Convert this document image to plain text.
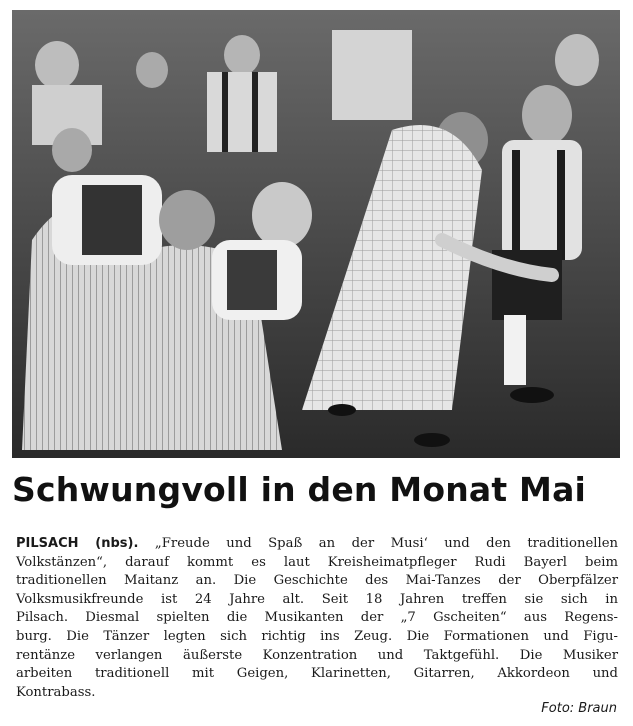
Schwungvoll in den Monat Mai
PILSACH (nbs). „Freude und Spaß an der Musi‘ und den traditionellen
Volkstänzen“, darauf kommt es laut Kreisheimatpfleger Rudi Bayerl beim
traditionellen Maitanz an. Die Geschichte des Mai-Tanzes der Oberpfälzer
Volksmusikfreunde ist 24 Jahre alt. Seit 18 Jahren treffen sie sich in
Pilsach. Diesmal spielten die Musikanten der „7 Gscheiten“ aus Regens-
burg. Die Tänzer legten sich richtig ins Zeug. Die Formationen und Figu-
rentänze verlangen äußerste Konzentration und Taktgefühl. Die Musiker
arbeiten traditionell mit Geigen, Klarinetten, Gitarren, Akkordeon und
Kontrabass.
Foto: Braun
